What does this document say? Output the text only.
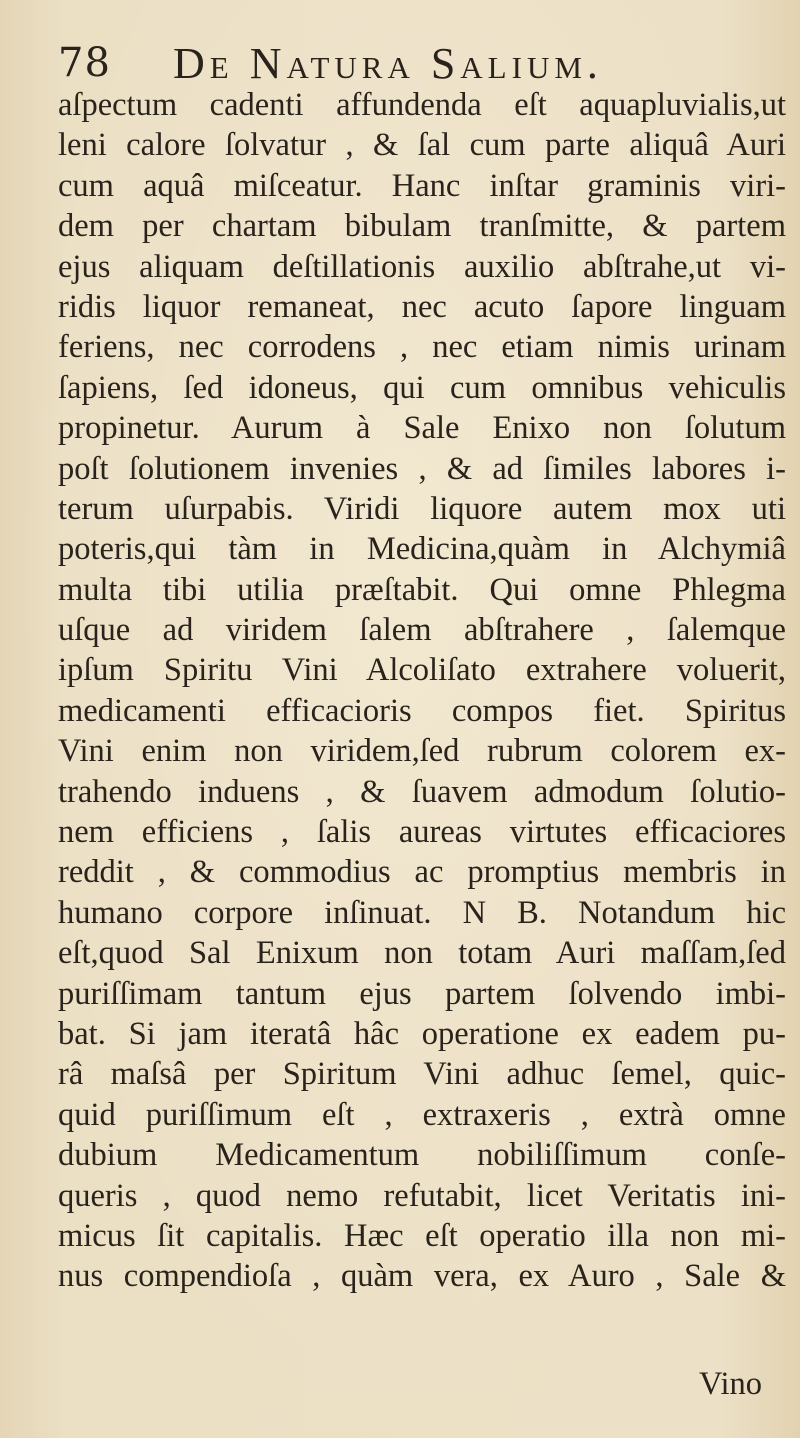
78 De Natura Salium.
aſpectum cadenti affundenda eſt aquapluvialis,ut
leni calore ſolvatur , & ſal cum parte aliquâ Auri
cum aquâ miſceatur. Hanc inſtar graminis viri-
dem per chartam bibulam tranſmitte, & partem
ejus aliquam deſtillationis auxilio abſtrahe,ut vi-
ridis liquor remaneat, nec acuto ſapore linguam
feriens, nec corrodens , nec etiam nimis urinam
ſapiens, ſed idoneus, qui cum omnibus vehiculis
propinetur. Aurum à Sale Enixo non ſolutum
poſt ſolutionem invenies , & ad ſimiles labores i-
terum uſurpabis. Viridi liquore autem mox uti
poteris,qui tàm in Medicina,quàm in Alchymiâ
multa tibi utilia præſtabit. Qui omne Phlegma
uſque ad viridem ſalem abſtrahere , ſalemque
ipſum Spiritu Vini Alcoliſato extrahere voluerit,
medicamenti efficacioris compos fiet. Spiritus
Vini enim non viridem,ſed rubrum colorem ex-
trahendo induens , & ſuavem admodum ſolutio-
nem efficiens , ſalis aureas virtutes efficaciores
reddit , & commodius ac promptius membris in
humano corpore inſinuat. N B. Notandum hic
eſt,quod Sal Enixum non totam Auri maſſam,ſed
puriſſimam tantum ejus partem ſolvendo imbi-
bat. Si jam iteratâ hâc operatione ex eadem pu-
râ maſsâ per Spiritum Vini adhuc ſemel, quic-
quid puriſſimum eſt , extraxeris , extrà omne
dubium Medicamentum nobiliſſimum conſe-
queris , quod nemo refutabit, licet Veritatis ini-
micus ſit capitalis. Hæc eſt operatio illa non mi-
nus compendioſa , quàm vera, ex Auro , Sale &
Vino
